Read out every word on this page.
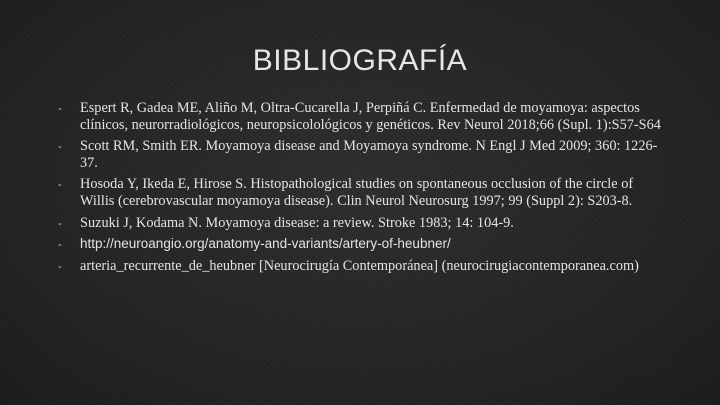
BIBLIOGRAFÍA
- Espert R, Gadea ME, Aliño M, Oltra-Cucarella J, Perpiñá C. Enfermedad de moyamoya: aspectos clínicos, neurorradiológicos, neuropsicolológicos y genéticos. Rev Neurol 2018;66 (Supl. 1):S57-S64
- Scott RM, Smith ER. Moyamoya disease and Moyamoya syndrome. N Engl J Med 2009; 360: 1226-37.
- Hosoda Y, Ikeda E, Hirose S. Histopathological studies on spontaneous occlusion of the circle of Willis (cerebrovascular moyamoya disease). Clin Neurol Neurosurg 1997; 99 (Suppl 2): S203-8.
- Suzuki J, Kodama N. Moyamoya disease: a review. Stroke 1983; 14: 104-9.
- http://neuroangio.org/anatomy-and-variants/artery-of-heubner/
- arteria_recurrente_de_heubner [Neurocirugía Contemporánea] (neurocirugiacontemporanea.com)
